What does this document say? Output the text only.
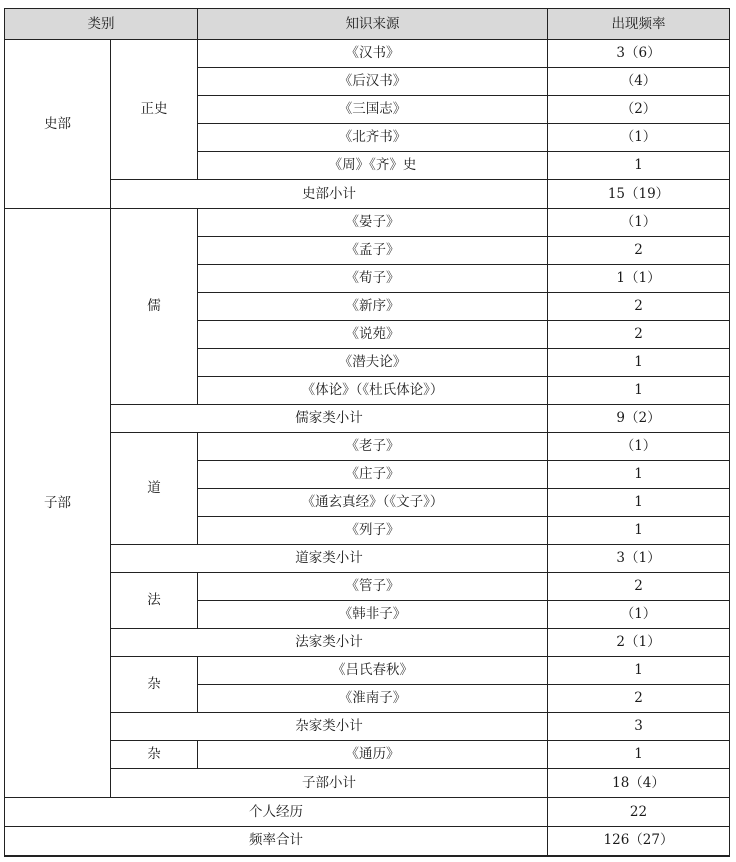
类别		知识来源	出现频率
史部	正史	《汉书》	3（6）
		《后汉书》	（4）
		《三国志》	（2）
		《北齐书》	（1）
		《周》《齐》史	1
	史部小计		15（19）
子部	儒	《晏子》	（1）
		《孟子》	2
		《荀子》	1（1）
		《新序》	2
		《说苑》	2
		《潜夫论》	1
		《体论》（《杜氏体论》）	1
	儒家类小计		9（2）
	道	《老子》	（1）
		《庄子》	1
		《通玄真经》（《文子》）	1
		《列子》	1
	道家类小计		3（1）
	法	《管子》	2
		《韩非子》	（1）
	法家类小计		2（1）
	杂	《吕氏春秋》	1
		《淮南子》	2
	杂家类小计		3
	杂	《通历》	1
	子部小计		18（4）
个人经历			22
频率合计			126（27）
